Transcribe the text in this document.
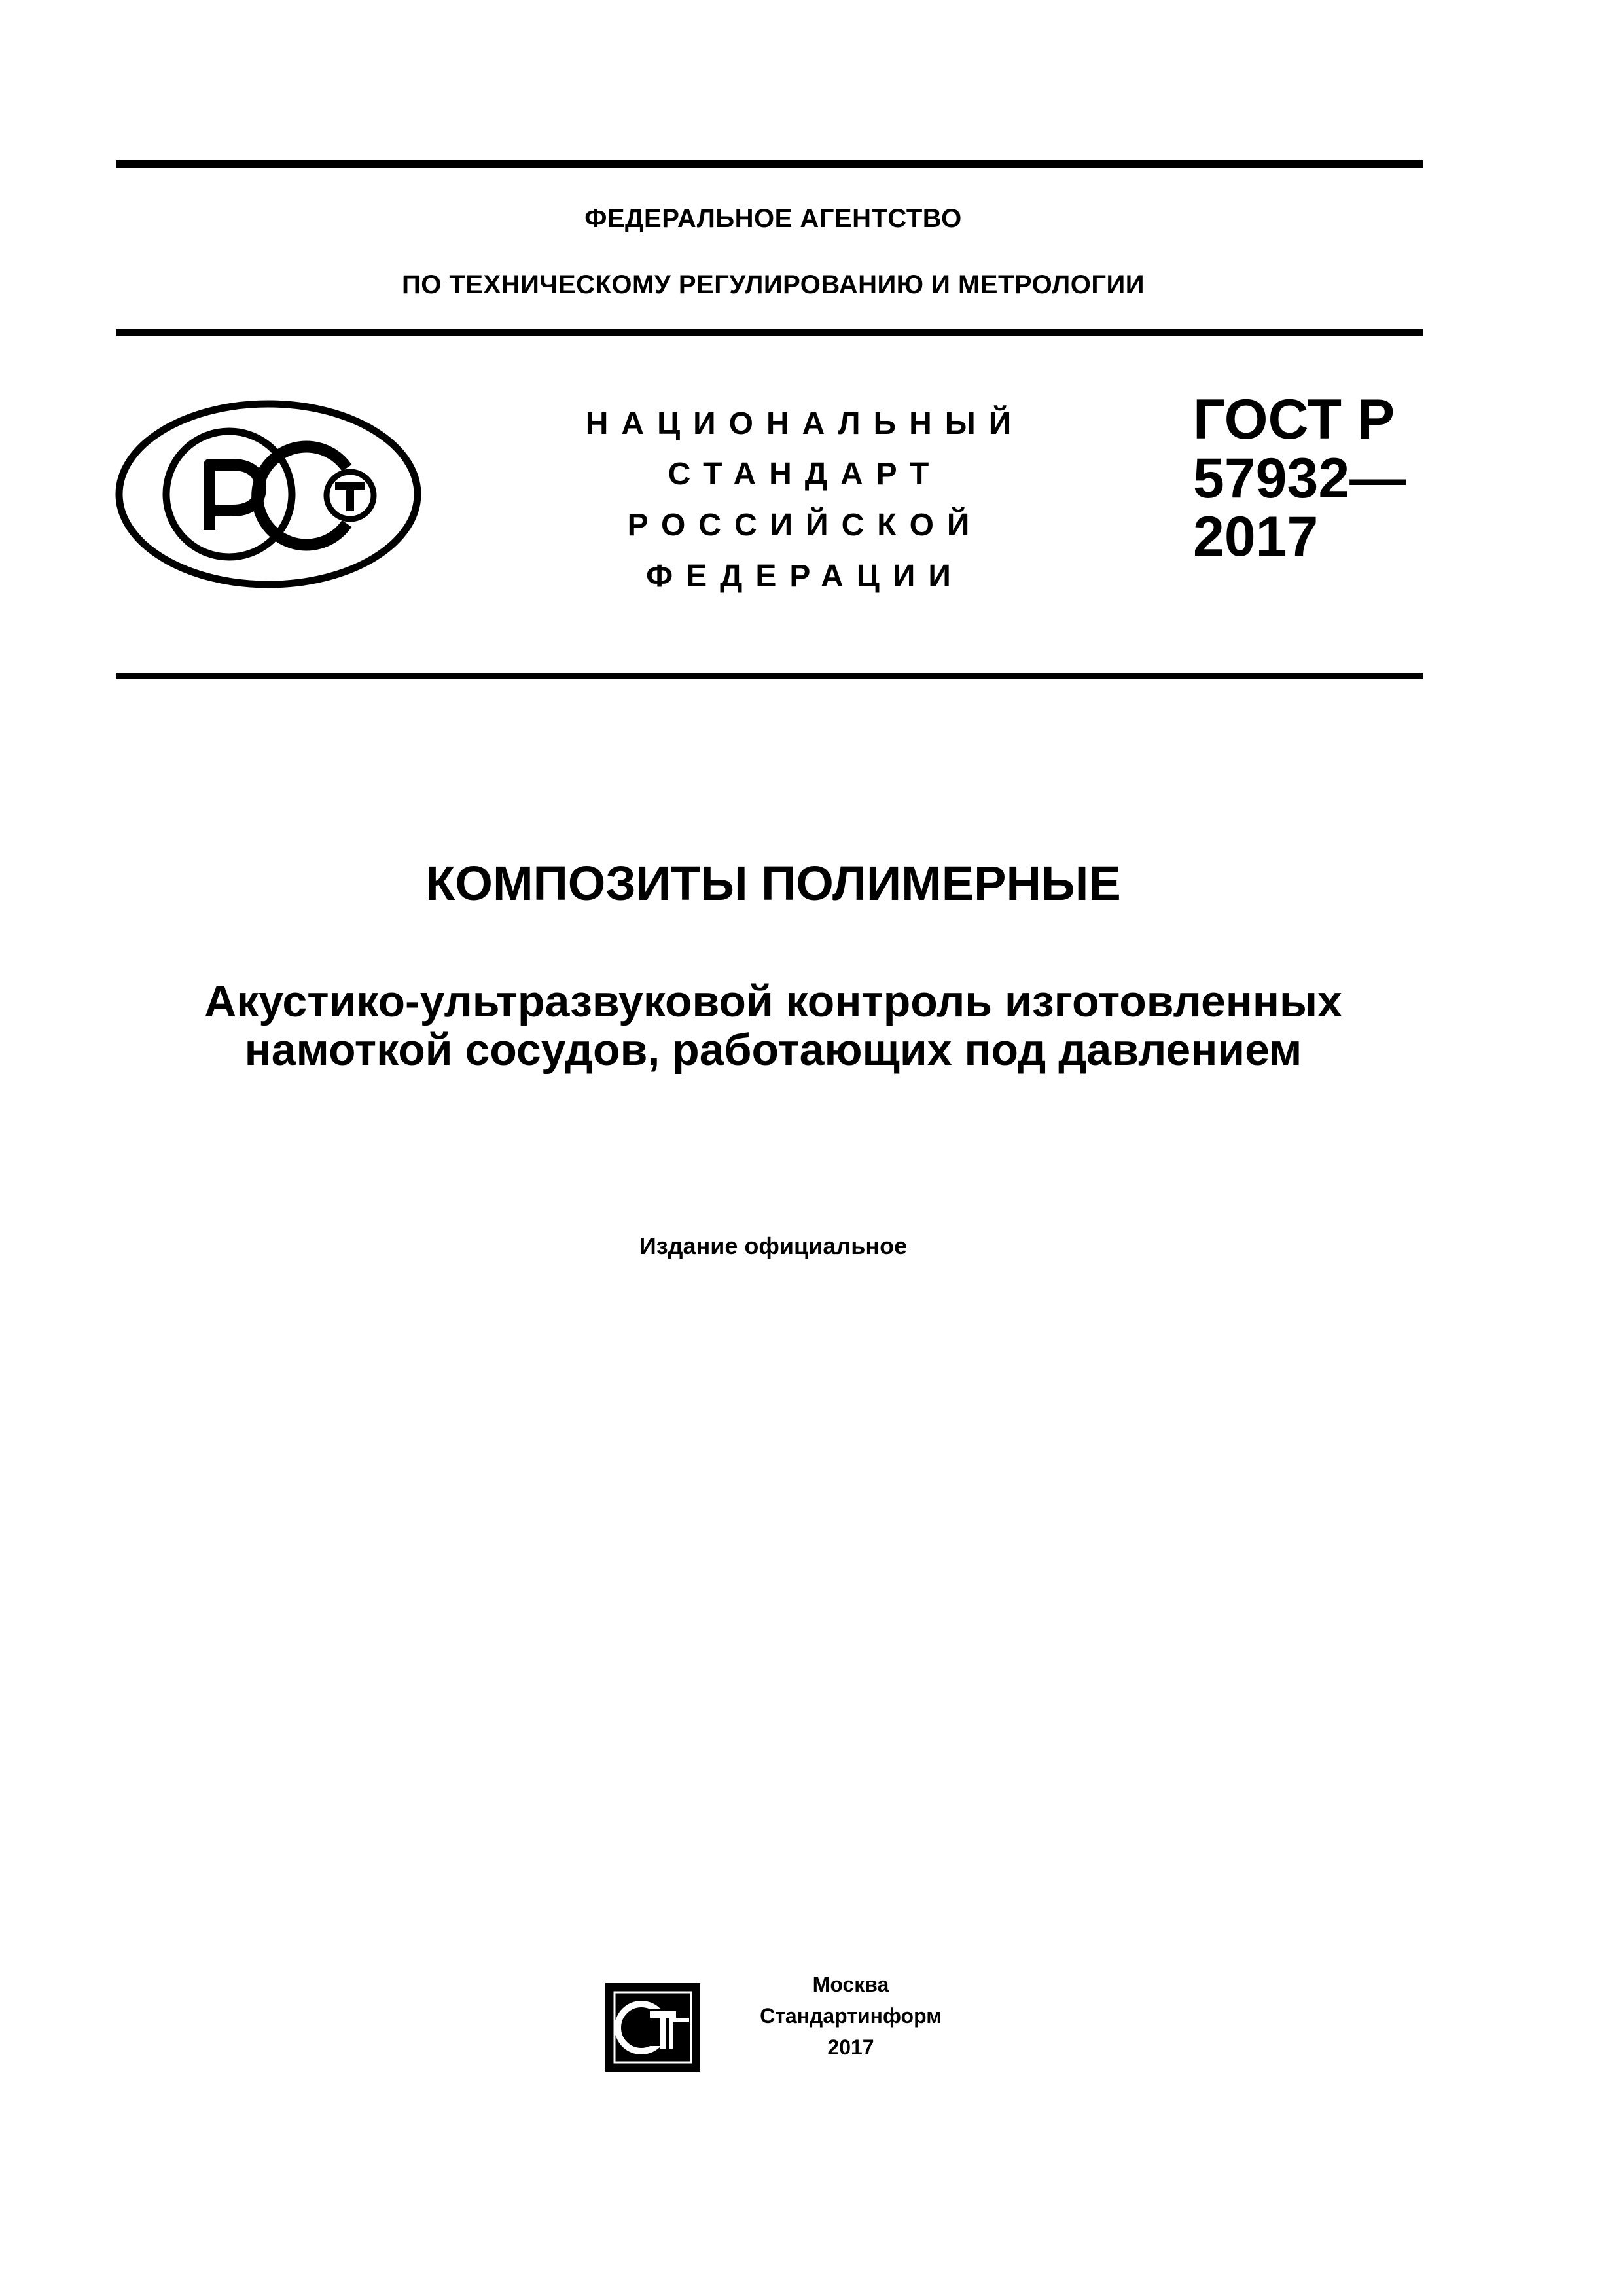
ФЕДЕРАЛЬНОЕ АГЕНТСТВО
ПО ТЕХНИЧЕСКОМУ РЕГУЛИРОВАНИЮ И МЕТРОЛОГИИ
НАЦИОНАЛЬНЫЙ
СТАНДАРТ
РОССИЙСКОЙ
ФЕДЕРАЦИИ
ГОСТ Р
57932—
2017
КОМПОЗИТЫ ПОЛИМЕРНЫЕ
Акустико-ультразвуковой контроль изготовленных
намоткой сосудов, работающих под давлением
Издание официальное
Москва
Стандартинформ
2017
